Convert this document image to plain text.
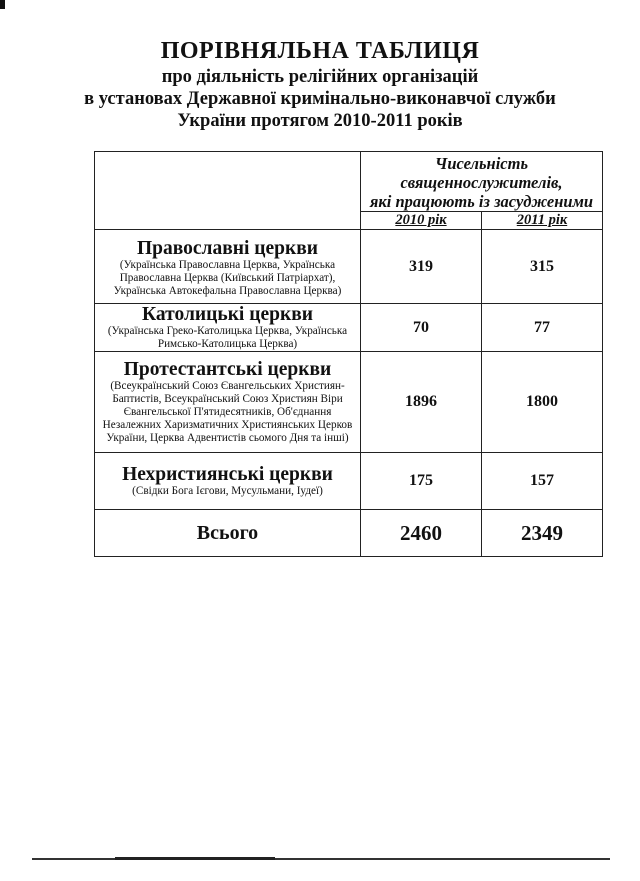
ПОРІВНЯЛЬНА ТАБЛИЦЯ
про діяльність релігійних організацій
в установах Державної кримінально-виконавчої служби
України протягом 2010-2011 років

	Чисельність
священнослужителів,
які працюють із засудженими	

	2010 рік	2011 рік

Православні церкви
(Українська Православна Церква, Українська Православна Церква (Київський Патріархат), Українська Автокефальна Православна Церква)	319	315

Католицькі церкви
(Українська Греко-Католицька Церква, Українська Римсько-Католицька Церква)	70	77

Протестантські церкви
(Всеукраїнський Союз Євангельських Християн-Баптистів, Всеукраїнський Союз Християн Віри Євангельської П'ятидесятників, Об'єднання Незалежних Харизматичних Християнських Церков України, Церква Адвентистів сьомого Дня та інші)	1896	1800

Нехристиянські церкви
(Свідки Бога Ієгови, Мусульмани, Іудеї)	175	157
Всього	2460	2349
